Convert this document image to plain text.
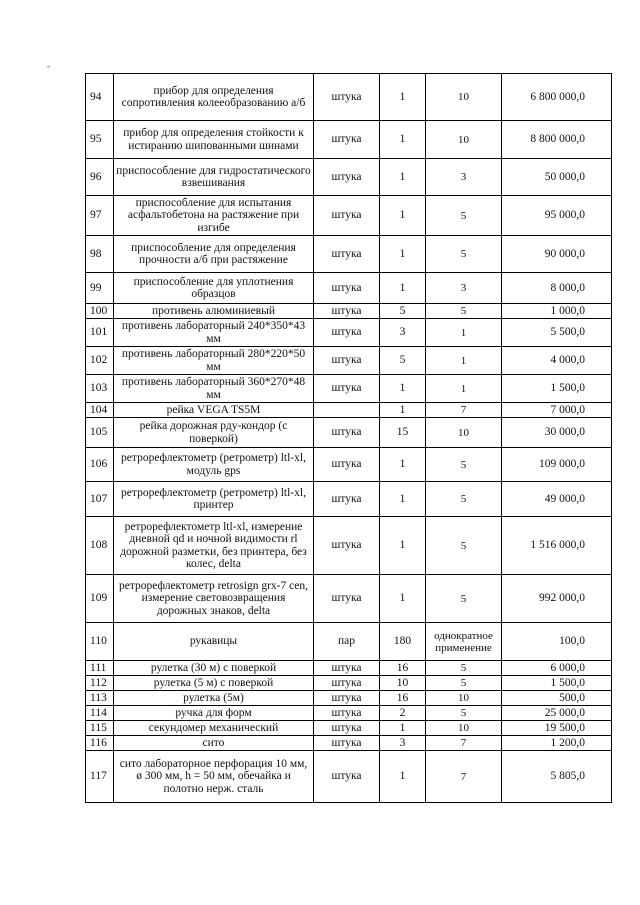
-
94	прибор для определения сопротивления колееобразованию а/б	штука	1	10	6 800 000,0
95	прибор для определения стойкости к истиранию шипованными шинами	штука	1	10	8 800 000,0
96	приспособление для гидростатического взвешивания	штука	1	3	50 000,0
97	приспособление для испытания асфальтобетона на растяжение при изгибе	штука	1	5	95 000,0
98	приспособление для определения прочности а/б при растяжение	штука	1	5	90 000,0
99	приспособление для уплотнения образцов	штука	1	3	8 000,0
100	противень алюминиевый	штука	5	5	1 000,0
101	противень лабораторный 240*350*43 мм	штука	3	1	5 500,0
102	противень лабораторный 280*220*50 мм	штука	5	1	4 000,0
103	противень лабораторный 360*270*48 мм	штука	1	1	1 500,0
104	рейка VEGA TS5M		1	7	7 000,0
105	рейка дорожная рду-кондор (с поверкой)	штука	15	10	30 000,0
106	ретрорефлектометр (ретрометр) ltl-xl, модуль gps	штука	1	5	109 000,0
107	ретрорефлектометр (ретрометр) ltl-xl, принтер	штука	1	5	49 000,0
108	ретрорефлектометр ltl-xl, измерение дневной qd и ночной видимости rl дорожной разметки, без принтера, без колес, delta	штука	1	5	1 516 000,0
109	ретрорефлектометр retrosign grx-7 cen, измерение световозвращения дорожных знаков, delta	штука	1	5	992 000,0
110	рукавицы	пар	180	однократное применение	100,0
111	рулетка (30 м) с поверкой	штука	16	5	6 000,0
112	рулетка (5 м) с поверкой	штука	10	5	1 500,0
113	рулетка (5м)	штука	16	10	500,0
114	ручка для форм	штука	2	5	25 000,0
115	секундомер механический	штука	1	10	19 500,0
116	сито	штука	3	7	1 200,0
117	сито лабораторное перфорация 10 мм, ø 300 мм, h = 50 мм, обечайка и полотно нерж. сталь	штука	1	7	5 805,0
